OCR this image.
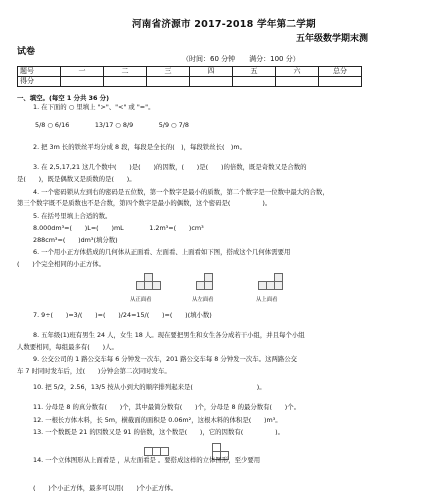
河南省济源市 2017-2018 学年第二学期
五年级数学期末测
试卷
（时间：60 分钟　　满分：100 分）
题号	一	二	三	四	五	六	总分
得分							
一、填空。(每空 1 分共 36 分)
1. 在下面的 ○ 里填上 ">"、"<" 或 "="。
5/8 ○ 6/16　　　　13/17 ○ 8/9　　　　5/9 ○ 7/8
2. 把 3m 长的铁丝平均分成 8 段，每段是全长的(　)，每段铁丝长(　)m。
3. 在 2,5,17,21 这几个数中(　　)是(　　)的因数，(　　)是(　　)的倍数，既是奇数又是合数的
是(　　)，既是偶数又是质数的是(　　)。
4. 一个密码锁从左到右的密码是五位数，第一个数字是最小的质数，第二个数字是一位数中最大的合数，
第三个数字既不是质数也不是合数，第四个数字是最小的偶数，这个密码是(　　　　　)。
5. 在括号里填上合适的数。
8.000dm³=(　　)L=(　　)mL　　　　1.2m³=(　　)cm³
288cm³=(　　)dm³(填分数)
6. 一个用小正方体搭成的几何体从正面看、左面看、上面看如下图，搭成这个几何体需要用
(　　)个完全相同的小正方体。
从正面看	从左面看	从上面看
7. 9÷(　　)=3/(　　)=(　　)/24=15/(　　)=(　　)(填小数)
8. 五年级(1)班有男生 24 人，女生 18 人。现在要把男生和女生各分成若干小组，并且每个小组
人数要相同，每组最多有(　　)人。
9. 公交公司的 1 路公交车每 6 分钟发一次车，201 路公交车每 8 分钟发一次车。这两路公交
车 7 时同时发车后，过(　　)分钟会第二次同时发车。
10. 把 5/2，2.56，13/5 按从小到大的顺序排列起来是(　　　　　　　　　　)。
11. 分母是 8 的真分数有(　　)个，其中最简分数有(　　)个，分母是 8 的最分数有(　　)个。
12. 一根长方体木料，长 5m，横截面的面积是 0.06m²，这根木料的体积是(　　)m³。
13. 一个数既是 21 的因数又是 91 的倍数，这个数是(　　)，它的因数有(　　　　　)。
14. 一个立体图形从上面看是 ，从左面看是 。要搭成这样的立体图形，至少要用
(　　)个小正方体，最多可以用(　　)个小正方体。
